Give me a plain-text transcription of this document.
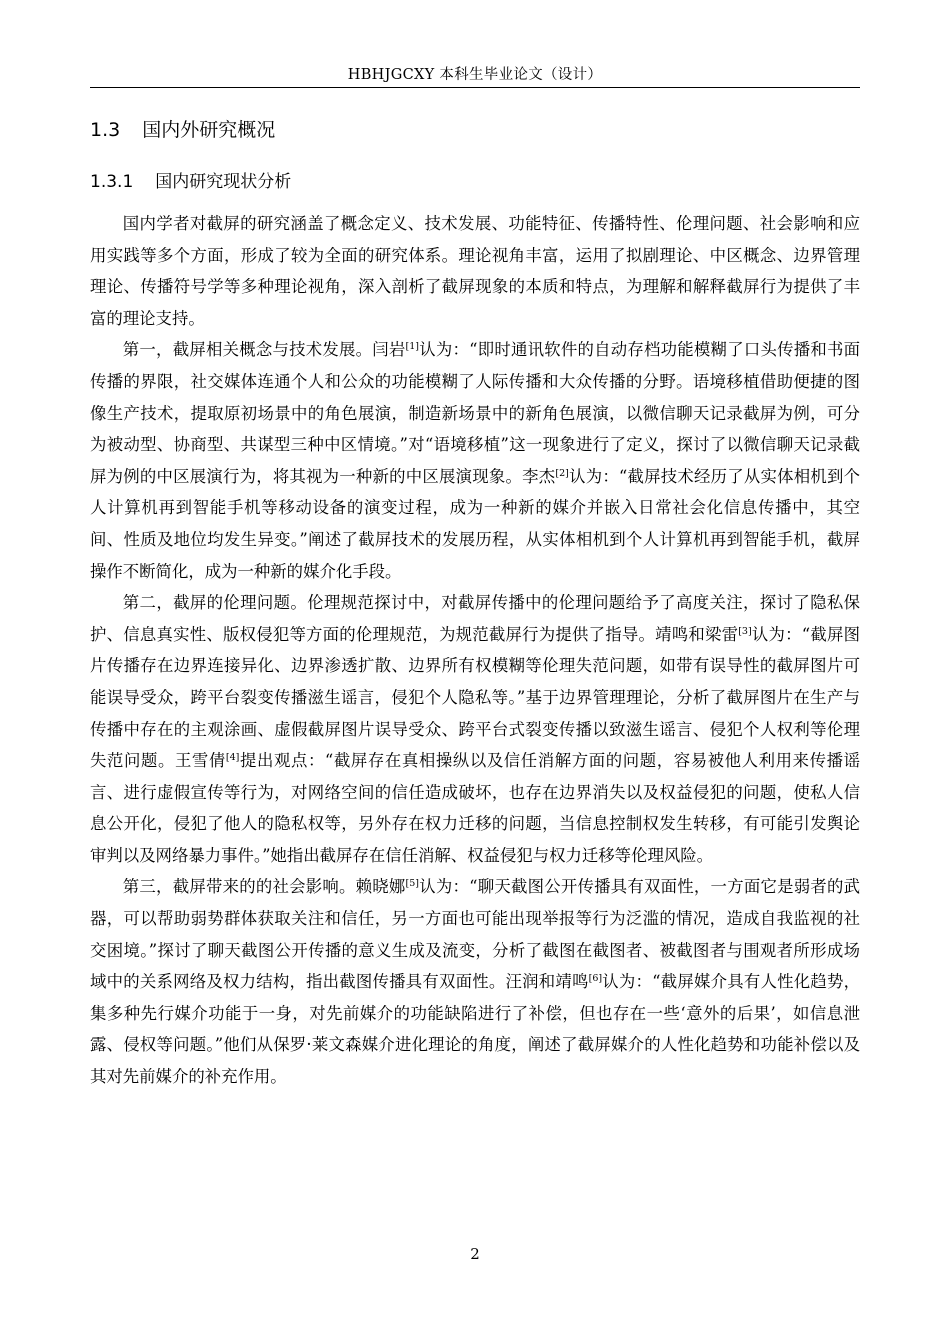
HBHJGCXY 本科生毕业论文（设计）
1.3 国内外研究概况
1.3.1 国内研究现状分析

国内学者对截屏的研究涵盖了概念定义、技术发展、功能特征、传播特性、伦理问题、社会影响和应用实践等多个方面，形成了较为全面的研究体系。理论视角丰富，运用了拟剧理论、中区概念、边界管理理论、传播符号学等多种理论视角，深入剖析了截屏现象的本质和特点，为理解和解释截屏行为提供了丰富的理论支持。

第一，截屏相关概念与技术发展。闫岩[1]认为：“即时通讯软件的自动存档功能模糊了口头传播和书面传播的界限，社交媒体连通个人和公众的功能模糊了人际传播和大众传播的分野。语境移植借助便捷的图像生产技术，提取原初场景中的角色展演，制造新场景中的新角色展演，以微信聊天记录截屏为例，可分为被动型、协商型、共谋型三种中区情境。”对“语境移植”这一现象进行了定义，探讨了以微信聊天记录截屏为例的中区展演行为，将其视为一种新的中区展演现象。李杰[2]认为：“截屏技术经历了从实体相机到个人计算机再到智能手机等移动设备的演变过程，成为一种新的媒介并嵌入日常社会化信息传播中，其空间、性质及地位均发生异变。”阐述了截屏技术的发展历程，从实体相机到个人计算机再到智能手机，截屏操作不断简化，成为一种新的媒介化手段。

第二，截屏的伦理问题。伦理规范探讨中，对截屏传播中的伦理问题给予了高度关注，探讨了隐私保护、信息真实性、版权侵犯等方面的伦理规范，为规范截屏行为提供了指导。靖鸣和梁雷[3]认为：“截屏图片传播存在边界连接异化、边界渗透扩散、边界所有权模糊等伦理失范问题，如带有误导性的截屏图片可能误导受众，跨平台裂变传播滋生谣言，侵犯个人隐私等。”基于边界管理理论，分析了截屏图片在生产与传播中存在的主观涂画、虚假截屏图片误导受众、跨平台式裂变传播以致滋生谣言、侵犯个人权利等伦理失范问题。王雪倩[4]提出观点：“截屏存在真相操纵以及信任消解方面的问题，容易被他人利用来传播谣言、进行虚假宣传等行为，对网络空间的信任造成破坏，也存在边界消失以及权益侵犯的问题，使私人信息公开化，侵犯了他人的隐私权等，另外存在权力迁移的问题，当信息控制权发生转移，有可能引发舆论审判以及网络暴力事件。”她指出截屏存在信任消解、权益侵犯与权力迁移等伦理风险。

第三，截屏带来的的社会影响。赖晓娜[5]认为：“聊天截图公开传播具有双面性，一方面它是弱者的武器，可以帮助弱势群体获取关注和信任，另一方面也可能出现举报等行为泛滥的情况，造成自我监视的社交困境。”探讨了聊天截图公开传播的意义生成及流变，分析了截图在截图者、被截图者与围观者所形成场域中的关系网络及权力结构，指出截图传播具有双面性。汪润和靖鸣[6]认为：“截屏媒介具有人性化趋势，集多种先行媒介功能于一身，对先前媒介的功能缺陷进行了补偿，但也存在一些‘意外的后果’，如信息泄露、侵权等问题。”他们从保罗·莱文森媒介进化理论的角度，阐述了截屏媒介的人性化趋势和功能补偿以及其对先前媒介的补充作用。

2
